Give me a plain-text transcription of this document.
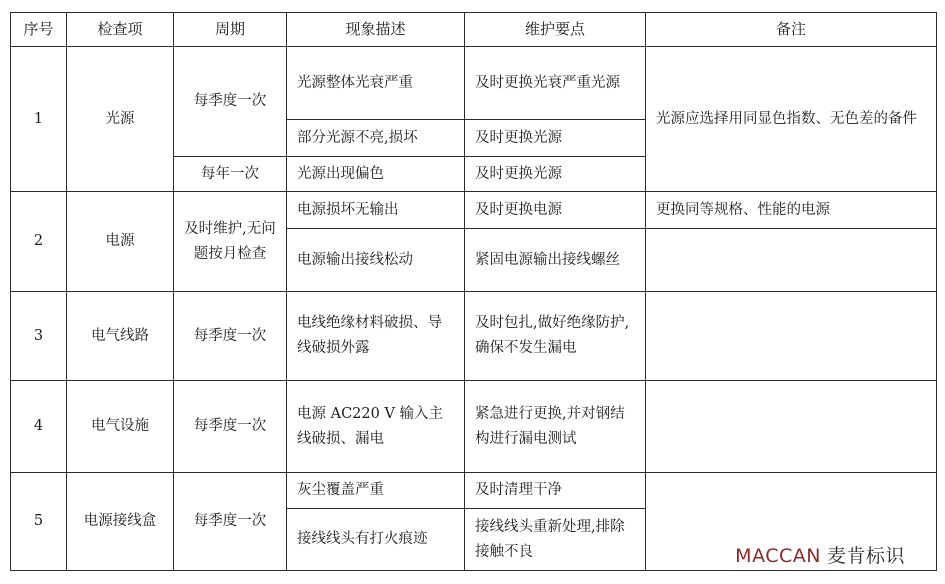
序号	检查项	周期	现象描述	维护要点	备注
1	光源	每季度一次	光源整体光衰严重	及时更换光衰严重光源	光源应选择用同显色指数、无色差的备件
			部分光源不亮,损坏	及时更换光源	
		每年一次	光源出现偏色	及时更换光源	
2	电源	及时维护,无问题按月检查	电源损坏无输出	及时更换电源	更换同等规格、性能的电源
			电源输出接线松动	紧固电源输出接线螺丝	
3	电气线路	每季度一次	电线绝缘材料破损、导线破损外露	及时包扎,做好绝缘防护,确保不发生漏电	
4	电气设施	每季度一次	电源 AC220 V 输入主线破损、漏电	紧急进行更换,并对钢结构进行漏电测试	
5	电源接线盒	每季度一次	灰尘覆盖严重	及时清理干净	
			接线线头有打火痕迹	接线线头重新处理,排除接触不良		MACCAN 麦肯标识
